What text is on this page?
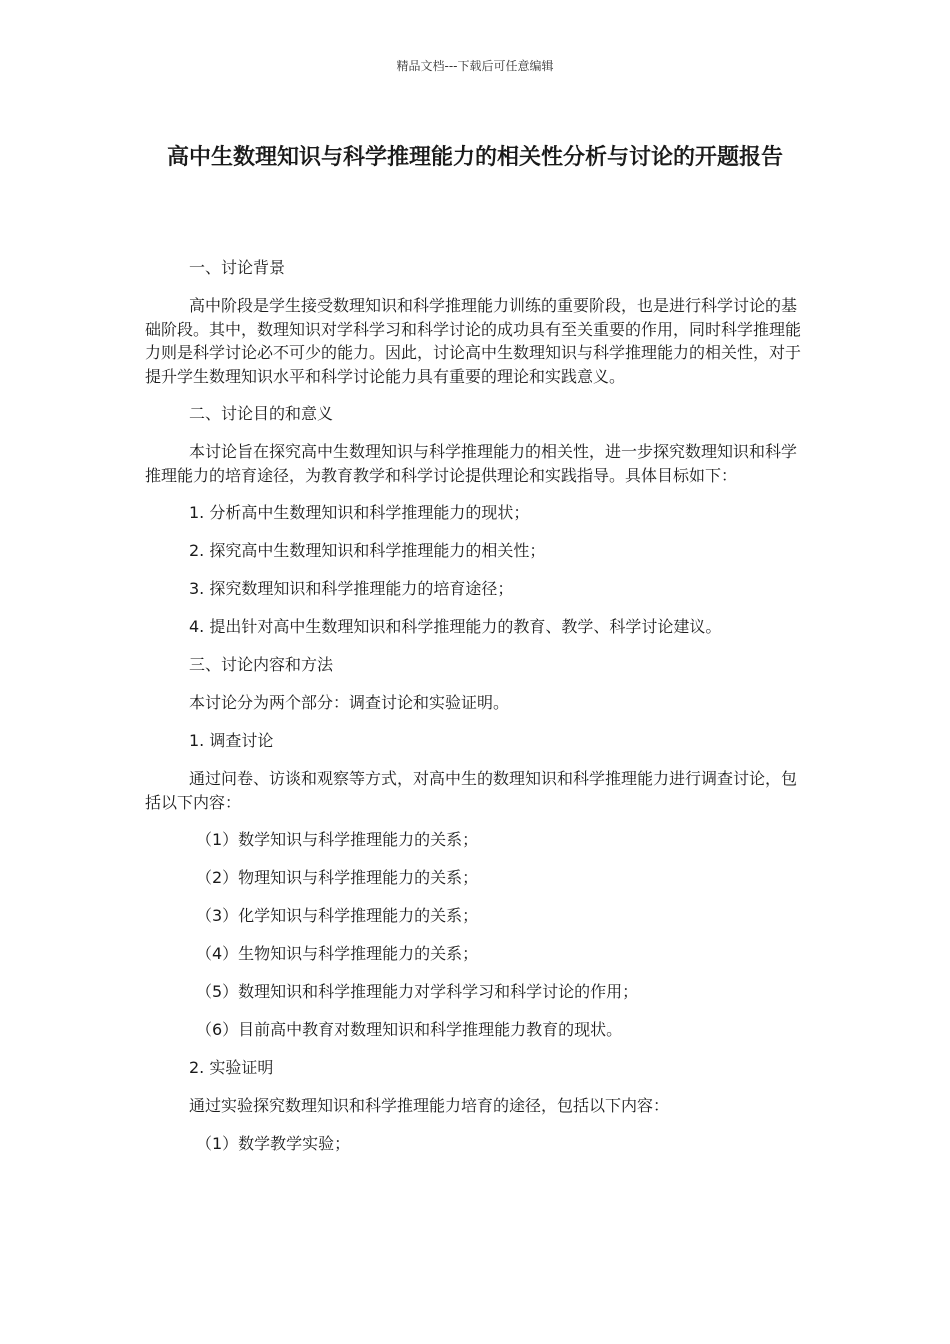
精品文档---下载后可任意编辑
高中生数理知识与科学推理能力的相关性分析与讨论的开题报告

一、讨论背景

高中阶段是学生接受数理知识和科学推理能力训练的重要阶段，也是进行科学讨论的基础阶段。其中，数理知识对学科学习和科学讨论的成功具有至关重要的作用，同时科学推理能力则是科学讨论必不可少的能力。因此，讨论高中生数理知识与科学推理能力的相关性，对于提升学生数理知识水平和科学讨论能力具有重要的理论和实践意义。

二、讨论目的和意义

本讨论旨在探究高中生数理知识与科学推理能力的相关性，进一步探究数理知识和科学推理能力的培育途径，为教育教学和科学讨论提供理论和实践指导。具体目标如下：

1. 分析高中生数理知识和科学推理能力的现状；

2. 探究高中生数理知识和科学推理能力的相关性；

3. 探究数理知识和科学推理能力的培育途径；

4. 提出针对高中生数理知识和科学推理能力的教育、教学、科学讨论建议。

三、讨论内容和方法

本讨论分为两个部分：调查讨论和实验证明。

1. 调查讨论

通过问卷、访谈和观察等方式，对高中生的数理知识和科学推理能力进行调查讨论，包括以下内容：

（1）数学知识与科学推理能力的关系；

（2）物理知识与科学推理能力的关系；

（3）化学知识与科学推理能力的关系；

（4）生物知识与科学推理能力的关系；

（5）数理知识和科学推理能力对学科学习和科学讨论的作用；

（6）目前高中教育对数理知识和科学推理能力教育的现状。

2. 实验证明

通过实验探究数理知识和科学推理能力培育的途径，包括以下内容：

（1）数学教学实验；
